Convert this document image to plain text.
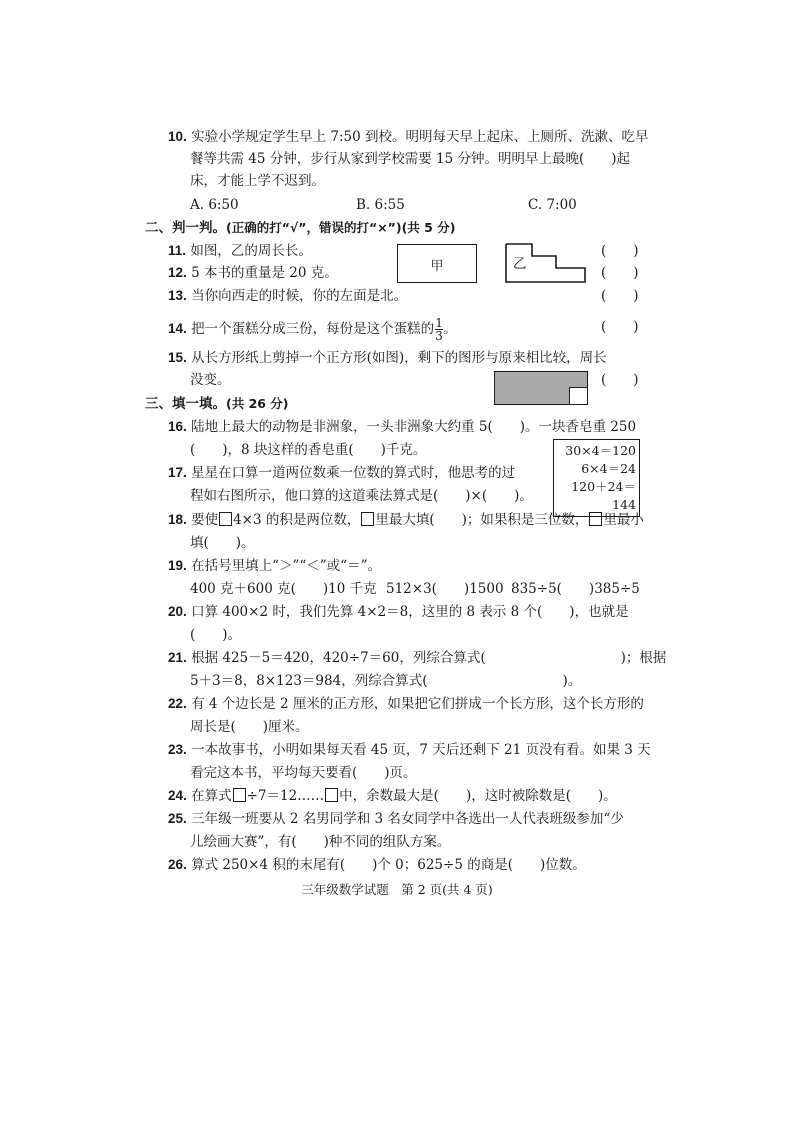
10. 实验小学规定学生早上 7:50 到校。明明每天早上起床、上厕所、洗漱、吃早
餐等共需 45 分钟，步行从家到学校需要 15 分钟。明明早上最晚(　　)起
床，才能上学不迟到。
A. 6:50	B. 6:55	C. 7:00
二、判一判。(正确的打“√”，错误的打“×”)(共 5 分)
11. 如图，乙的周长长。	(　　)
甲	乙
12. 5 本书的重量是 20 克。	(　　)
13. 当你向西走的时候，你的左面是北。	(　　)
14. 把一个蛋糕分成三份，每份是这个蛋糕的 $\frac{1}{3}$ 。	(　　)
15. 从长方形纸上剪掉一个正方形(如图)，剩下的图形与原来相比较，周长
没变。	(　　)
三、填一填。(共 26 分)
16. 陆地上最大的动物是非洲象，一头非洲象大约重 5(　　)。一块香皂重 250
(　　)，8 块这样的香皂重(　　)千克。
17. 星星在口算一道两位数乘一位数的算式时，他思考的过
程如右图所示，他口算的这道乘法算式是(　　)×(　　)。
30×4＝120
6×4＝24
120＋24＝144
18. 要使 4×3 的积是两位数， 里最大填(　　)；如果积是三位数， 里最小
填(　　)。
19. 在括号里填上“＞”“＜”或“＝”。
400 克＋600 克(　　)10 千克 512×3(　　)1500 835÷5(　　)385÷5
20. 口算 400×2 时，我们先算 4×2＝8，这里的 8 表示 8 个(　　)，也就是
(　　)。
21. 根据 425－5＝420，420÷7＝60，列综合算式(　　　　　　　　　　)；根据
5＋3＝8，8×123＝984，列综合算式(　　　　　　　　　　)。
22. 有 4 个边长是 2 厘米的正方形，如果把它们拼成一个长方形，这个长方形的
周长是(　　)厘米。
23. 一本故事书，小明如果每天看 45 页，7 天后还剩下 21 页没有看。如果 3 天
看完这本书，平均每天要看(　　)页。
24. 在算式 ÷7＝12…… 中，余数最大是(　　)，这时被除数是(　　)。
25. 三年级一班要从 2 名男同学和 3 名女同学中各选出一人代表班级参加“少
儿绘画大赛”，有(　　)种不同的组队方案。
26. 算式 250×4 积的末尾有(　　)个 0；625÷5 的商是(　　)位数。
三年级数学试题　第 2 页(共 4 页)
